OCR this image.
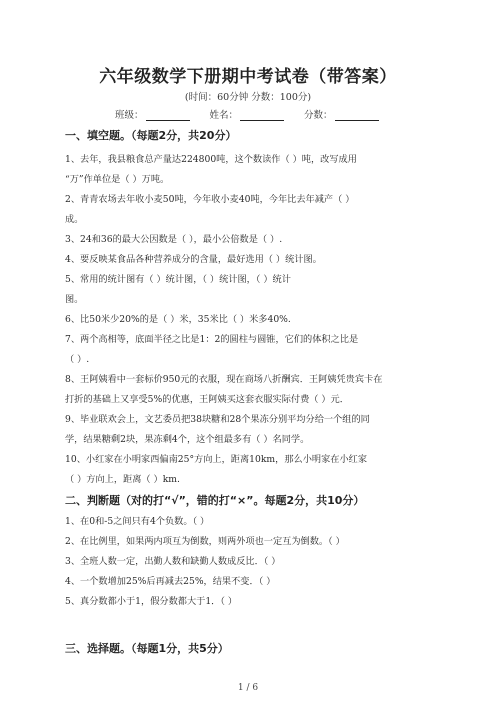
六年级数学下册期中考试卷（带答案）
(时间：60分钟 分数：100分)
班级：	姓名：	分数：
一、填空题。（每题2分，共20分）
1、去年，我县粮食总产量达224800吨，这个数读作（ ）吨，改写成用
“万”作单位是（ ）万吨。
2、青青农场去年收小麦50吨，今年收小麦40吨，今年比去年减产（ ）
成。
3、24和36的最大公因数是（ ），最小公倍数是（ ）.
4、要反映某食品各种营养成分的含量，最好选用（ ）统计图。
5、常用的统计图有（ ）统计图，（ ）统计图，（ ）统计
图。
6、比50米少20%的是（ ）米，35米比（ ）米多40%.
7、两个高相等，底面半径之比是1：2的圆柱与圆锥，它们的体积之比是
（ ）.
8、王阿姨看中一套标价950元的衣服，现在商场八折酬宾．王阿姨凭贵宾卡在
打折的基础上又享受5%的优惠，王阿姨买这套衣服实际付费（ ）元．
9、毕业联欢会上，文艺委员把38块糖和28个果冻分别平均分给一个组的同
学，结果糖剩2块，果冻剩4个，这个组最多有（ ）名同学。
10、小红家在小明家西偏南25°方向上，距离10km，那么小明家在小红家
（ ）方向上，距离（ ）km.
二、判断题（对的打“√”，错的打“×”。每题2分，共10分）
1、在0和-5之间只有4个负数。（ ）
2、在比例里，如果两内项互为倒数，则两外项也一定互为倒数。（ ）
3、全班人数一定，出勤人数和缺勤人数成反比．（ ）
4、一个数增加25%后再减去25%，结果不变．（ ）
5、真分数都小于1，假分数都大于1．（ ）
三、选择题。（每题1分，共5分）
1 / 6
